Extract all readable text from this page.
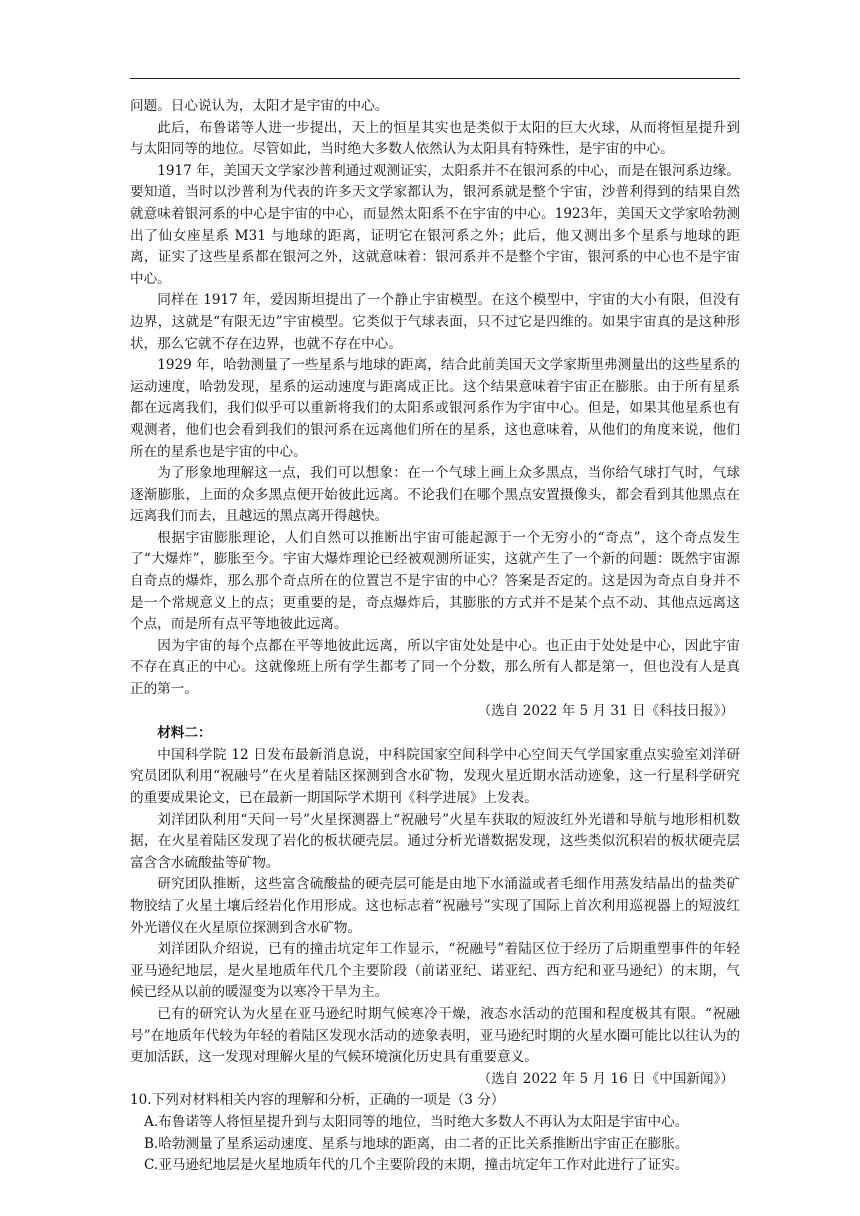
问题。日心说认为，太阳才是宇宙的中心。

此后，布鲁诺等人进一步提出，天上的恒星其实也是类似于太阳的巨大火球，从而将恒星提升到与太阳同等的地位。尽管如此，当时绝大多数人依然认为太阳具有特殊性，是宇宙的中心。

1917 年，美国天文学家沙普利通过观测证实，太阳系并不在银河系的中心，而是在银河系边缘。要知道，当时以沙普利为代表的许多天文学家都认为，银河系就是整个宇宙，沙普利得到的结果自然就意味着银河系的中心是宇宙的中心，而显然太阳系不在宇宙的中心。1923年，美国天文学家哈勃测出了仙女座星系 M31 与地球的距离，证明它在银河系之外；此后，他又测出多个星系与地球的距离，证实了这些星系都在银河之外，这就意味着：银河系并不是整个宇宙，银河系的中心也不是宇宙中心。

同样在 1917 年，爱因斯坦提出了一个静止宇宙模型。在这个模型中，宇宙的大小有限，但没有边界，这就是“有限无边”宇宙模型。它类似于气球表面，只不过它是四维的。如果宇宙真的是这种形状，那么它就不存在边界，也就不存在中心。

1929 年，哈勃测量了一些星系与地球的距离，结合此前美国天文学家斯里弗测量出的这些星系的运动速度，哈勃发现，星系的运动速度与距离成正比。这个结果意味着宇宙正在膨胀。由于所有星系都在远离我们，我们似乎可以重新将我们的太阳系或银河系作为宇宙中心。但是，如果其他星系也有观测者，他们也会看到我们的银河系在远离他们所在的星系，这也意味着，从他们的角度来说，他们所在的星系也是宇宙的中心。

为了形象地理解这一点，我们可以想象：在一个气球上画上众多黑点，当你给气球打气时，气球逐渐膨胀，上面的众多黑点便开始彼此远离。不论我们在哪个黑点安置摄像头，都会看到其他黑点在远离我们而去，且越远的黑点离开得越快。

根据宇宙膨胀理论，人们自然可以推断出宇宙可能起源于一个无穷小的“奇点”，这个奇点发生了“大爆炸”，膨胀至今。宇宙大爆炸理论已经被观测所证实，这就产生了一个新的问题：既然宇宙源自奇点的爆炸，那么那个奇点所在的位置岂不是宇宙的中心？答案是否定的。这是因为奇点自身并不是一个常规意义上的点；更重要的是，奇点爆炸后，其膨胀的方式并不是某个点不动、其他点远离这个点，而是所有点平等地彼此远离。

因为宇宙的每个点都在平等地彼此远离，所以宇宙处处是中心。也正由于处处是中心，因此宇宙不存在真正的中心。这就像班上所有学生都考了同一个分数，那么所有人都是第一，但也没有人是真正的第一。

（选自 2022 年 5 月 31 日《科技日报》）

材料二：

中国科学院 12 日发布最新消息说，中科院国家空间科学中心空间天气学国家重点实验室刘洋研究员团队利用“祝融号”在火星着陆区探测到含水矿物，发现火星近期水活动迹象，这一行星科学研究的重要成果论文，已在最新一期国际学术期刊《科学进展》上发表。

刘洋团队利用“天问一号”火星探测器上“祝融号”火星车获取的短波红外光谱和导航与地形相机数据，在火星着陆区发现了岩化的板状硬壳层。通过分析光谱数据发现，这些类似沉积岩的板状硬壳层富含含水硫酸盐等矿物。

研究团队推断，这些富含硫酸盐的硬壳层可能是由地下水涌溢或者毛细作用蒸发结晶出的盐类矿物胶结了火星土壤后经岩化作用形成。这也标志着“祝融号”实现了国际上首次利用巡视器上的短波红外光谱仪在火星原位探测到含水矿物。

刘洋团队介绍说，已有的撞击坑定年工作显示，“祝融号”着陆区位于经历了后期重塑事件的年轻亚马逊纪地层，是火星地质年代几个主要阶段（前诺亚纪、诺亚纪、西方纪和亚马逊纪）的末期，气候已经从以前的暖湿变为以寒冷干旱为主。

已有的研究认为火星在亚马逊纪时期气候寒冷干燥，液态水活动的范围和程度极其有限。“祝融号”在地质年代较为年轻的着陆区发现水活动的迹象表明，亚马逊纪时期的火星水圈可能比以往认为的更加活跃，这一发现对理解火星的气候环境演化历史具有重要意义。

（选自 2022 年 5 月 16 日《中国新闻》）

10.下列对材料相关内容的理解和分析，正确的一项是（3 分）

A.布鲁诺等人将恒星提升到与太阳同等的地位，当时绝大多数人不再认为太阳是宇宙中心。

B.哈勃测量了星系运动速度、星系与地球的距离，由二者的正比关系推断出宇宙正在膨胀。

C.亚马逊纪地层是火星地质年代的几个主要阶段的末期，撞击坑定年工作对此进行了证实。
